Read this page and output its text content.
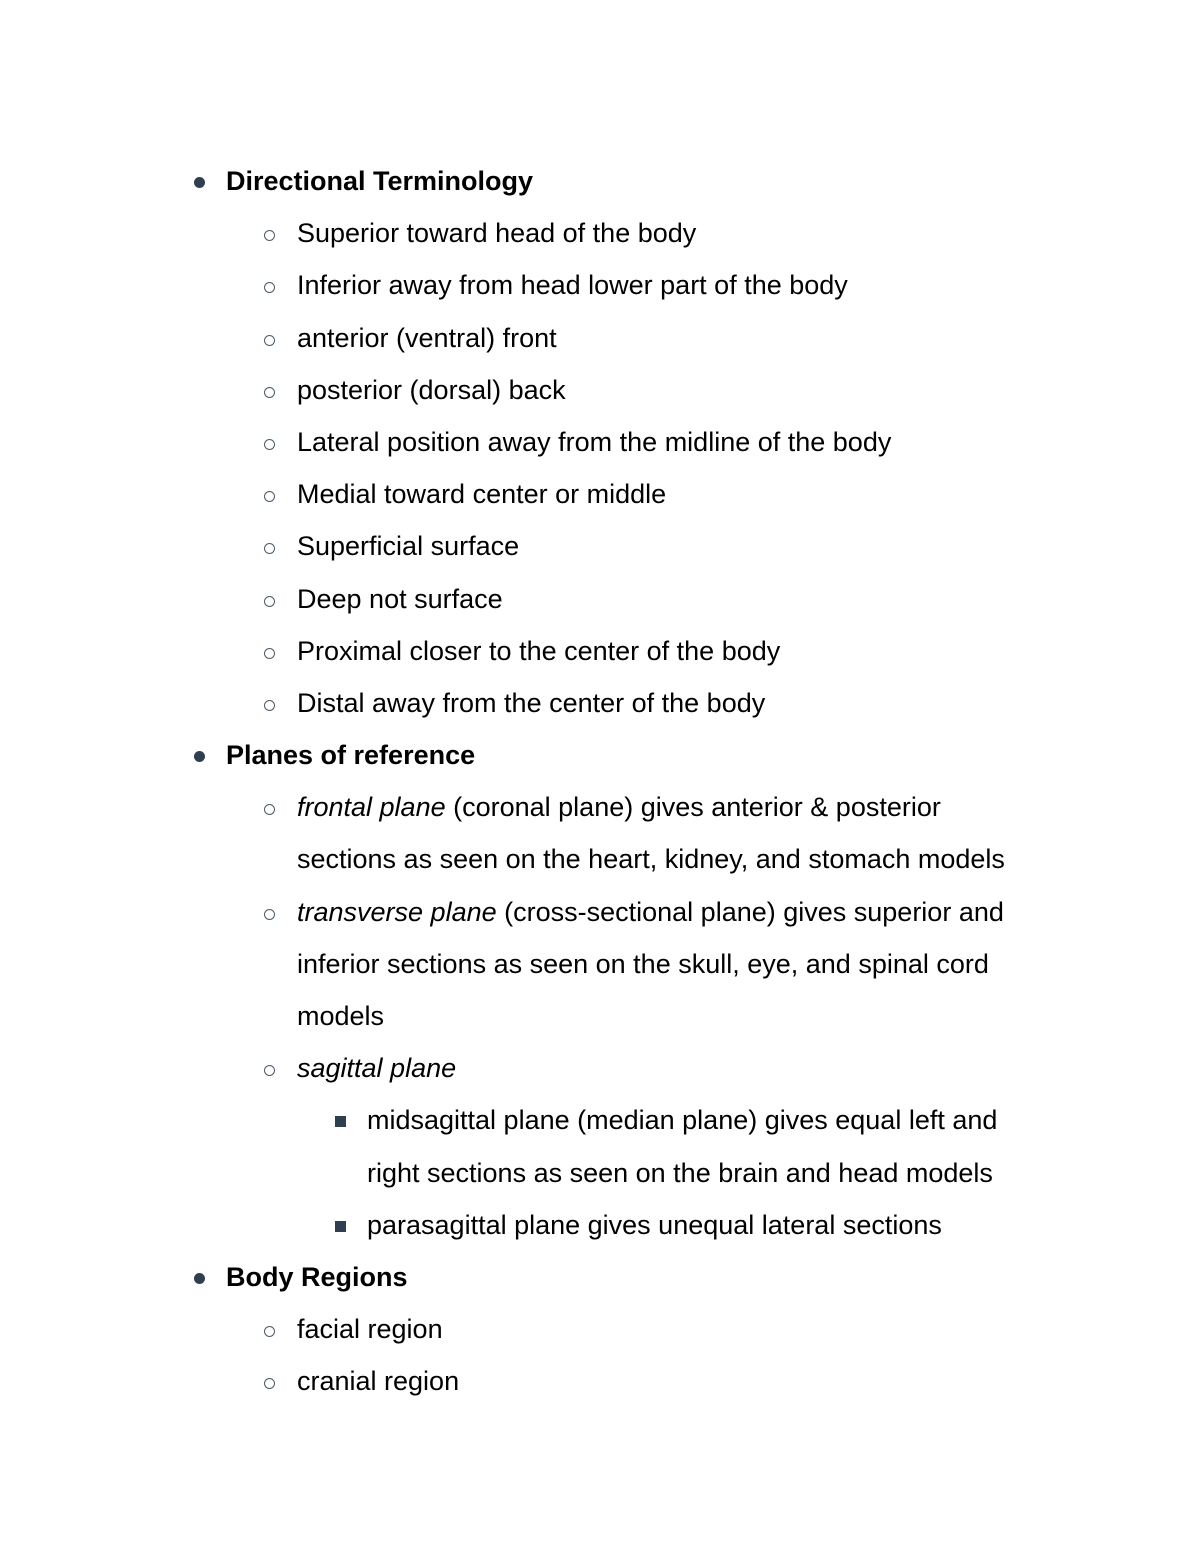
Directional Terminology
Superior toward head of the body
Inferior away from head lower part of the body
anterior (ventral) front
posterior (dorsal) back
Lateral position away from the midline of the body
Medial toward center or middle
Superficial surface
Deep not surface
Proximal closer to the center of the body
Distal away from the center of the body
Planes of reference
frontal plane (coronal plane) gives anterior & posterior
sections as seen on the heart, kidney, and stomach models
transverse plane (cross-sectional plane) gives superior and
inferior sections as seen on the skull, eye, and spinal cord
models
sagittal plane
midsagittal plane (median plane) gives equal left and
right sections as seen on the brain and head models
parasagittal plane gives unequal lateral sections
Body Regions
facial region
cranial region
